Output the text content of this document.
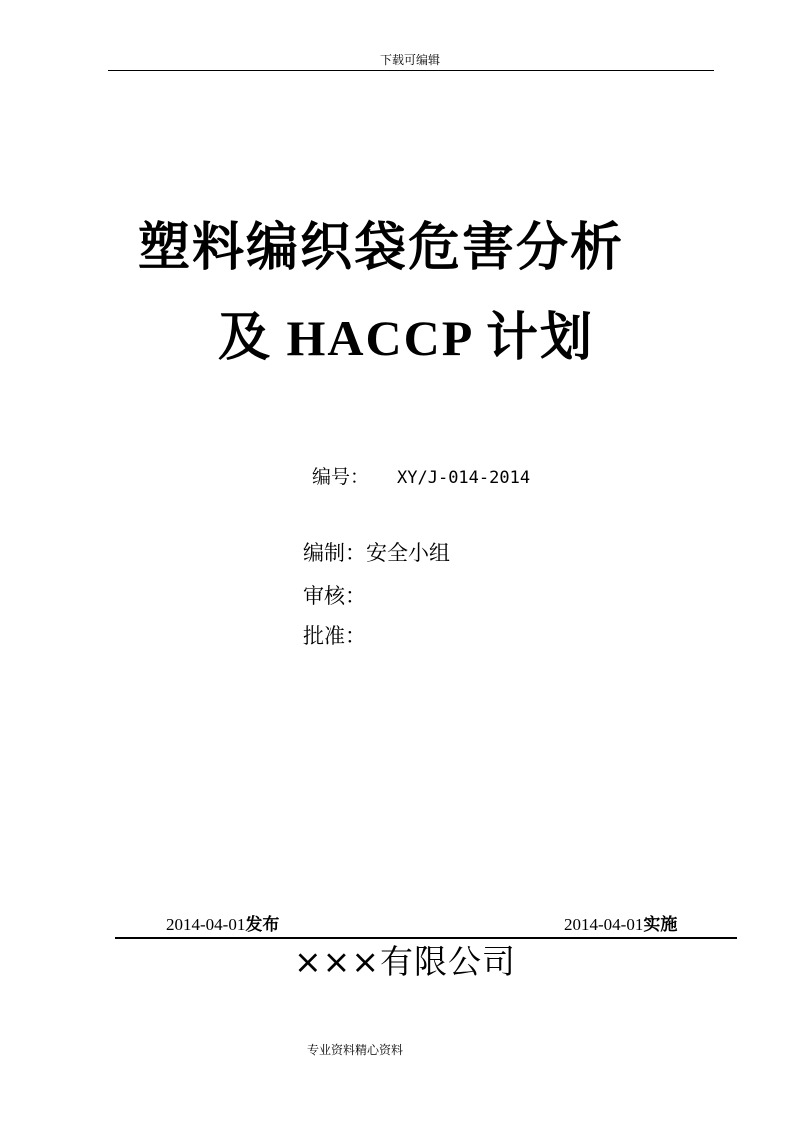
下载可编辑
塑料编织袋危害分析
及 HACCP 计划
编号： XY/J-014-2014
编制：安全小组
审核：
批准：
2014-04-01发布	2014-04-01实施
×××有限公司
专业资料精心资料
